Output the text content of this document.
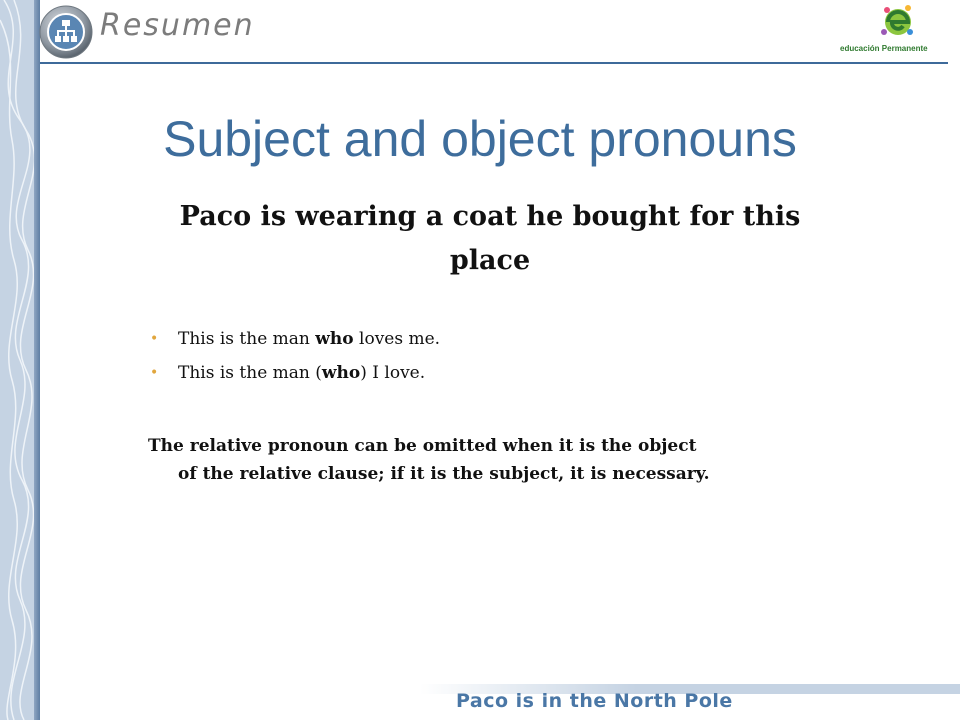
Resumen
educación Permanente
Subject and object pronouns
Paco is wearing a coat he bought for this place
• This is the man who loves me.
• This is the man (who) I love.
The relative pronoun can be omitted when it is the object
of the relative clause; if it is the subject, it is necessary.
Paco is in the North Pole
